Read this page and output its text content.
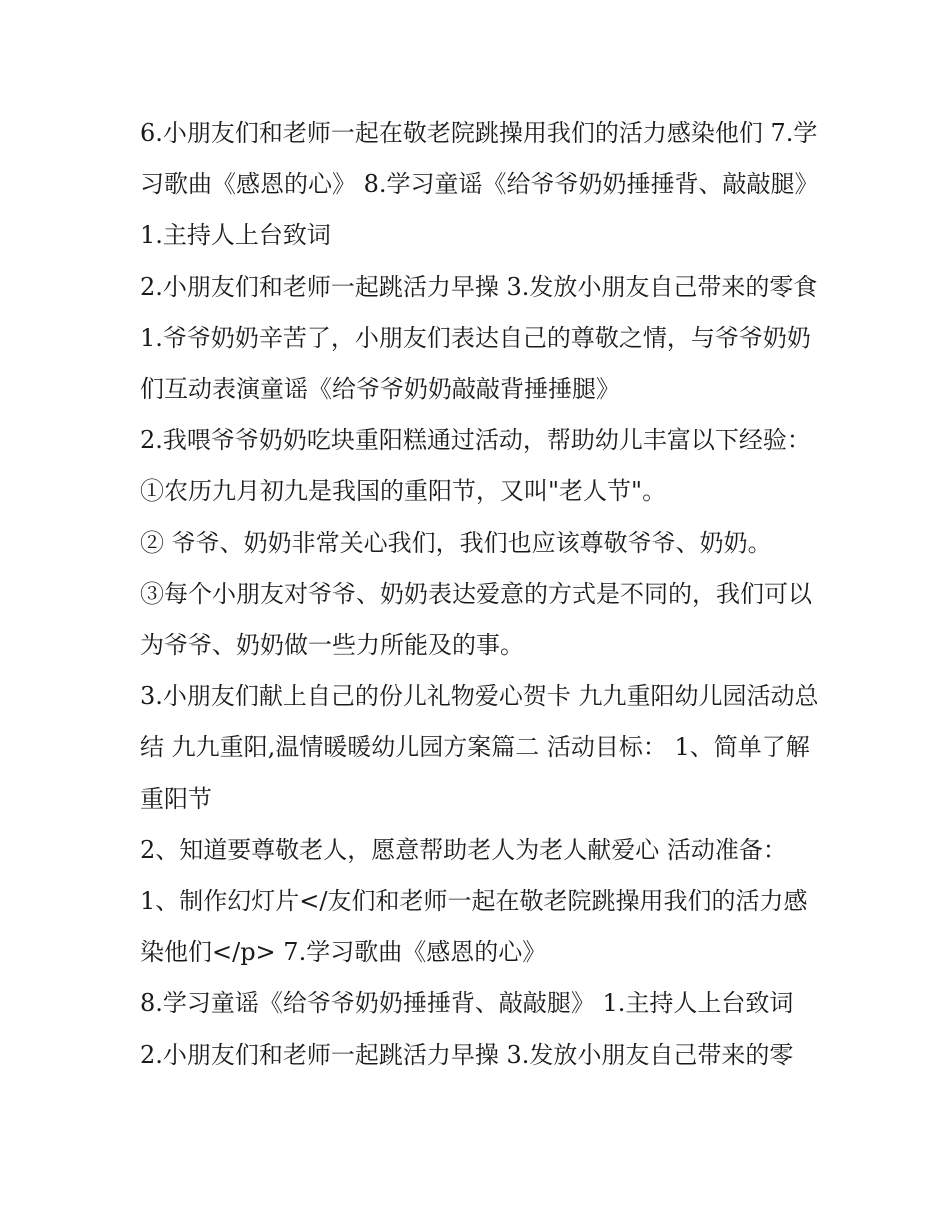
6.小朋友们和老师一起在敬老院跳操用我们的活力感染他们 7.学习歌曲《感恩的心》 8.学习童谣《给爷爷奶奶捶捶背、敲敲腿》 1.主持人上台致词

2.小朋友们和老师一起跳活力早操 3.发放小朋友自己带来的零食

1.爷爷奶奶辛苦了，小朋友们表达自己的尊敬之情，与爷爷奶奶们互动表演童谣《给爷爷奶奶敲敲背捶捶腿》

2.我喂爷爷奶奶吃块重阳糕通过活动，帮助幼儿丰富以下经验： ①农历九月初九是我国的重阳节，又叫"老人节"。

② 爷爷、奶奶非常关心我们，我们也应该尊敬爷爷、奶奶。

③每个小朋友对爷爷、奶奶表达爱意的方式是不同的，我们可以为爷爷、奶奶做一些力所能及的事。

3.小朋友们献上自己的份儿礼物爱心贺卡 九九重阳幼儿园活动总结 九九重阳,温情暖暖幼儿园方案篇二 活动目标： 1、简单了解重阳节

2、知道要尊敬老人，愿意帮助老人为老人献爱心 活动准备：

1、制作幻灯片</友们和老师一起在敬老院跳操用我们的活力感染他们</p> 7.学习歌曲《感恩的心》

8.学习童谣《给爷爷奶奶捶捶背、敲敲腿》 1.主持人上台致词

2.小朋友们和老师一起跳活力早操 3.发放小朋友自己带来的零
